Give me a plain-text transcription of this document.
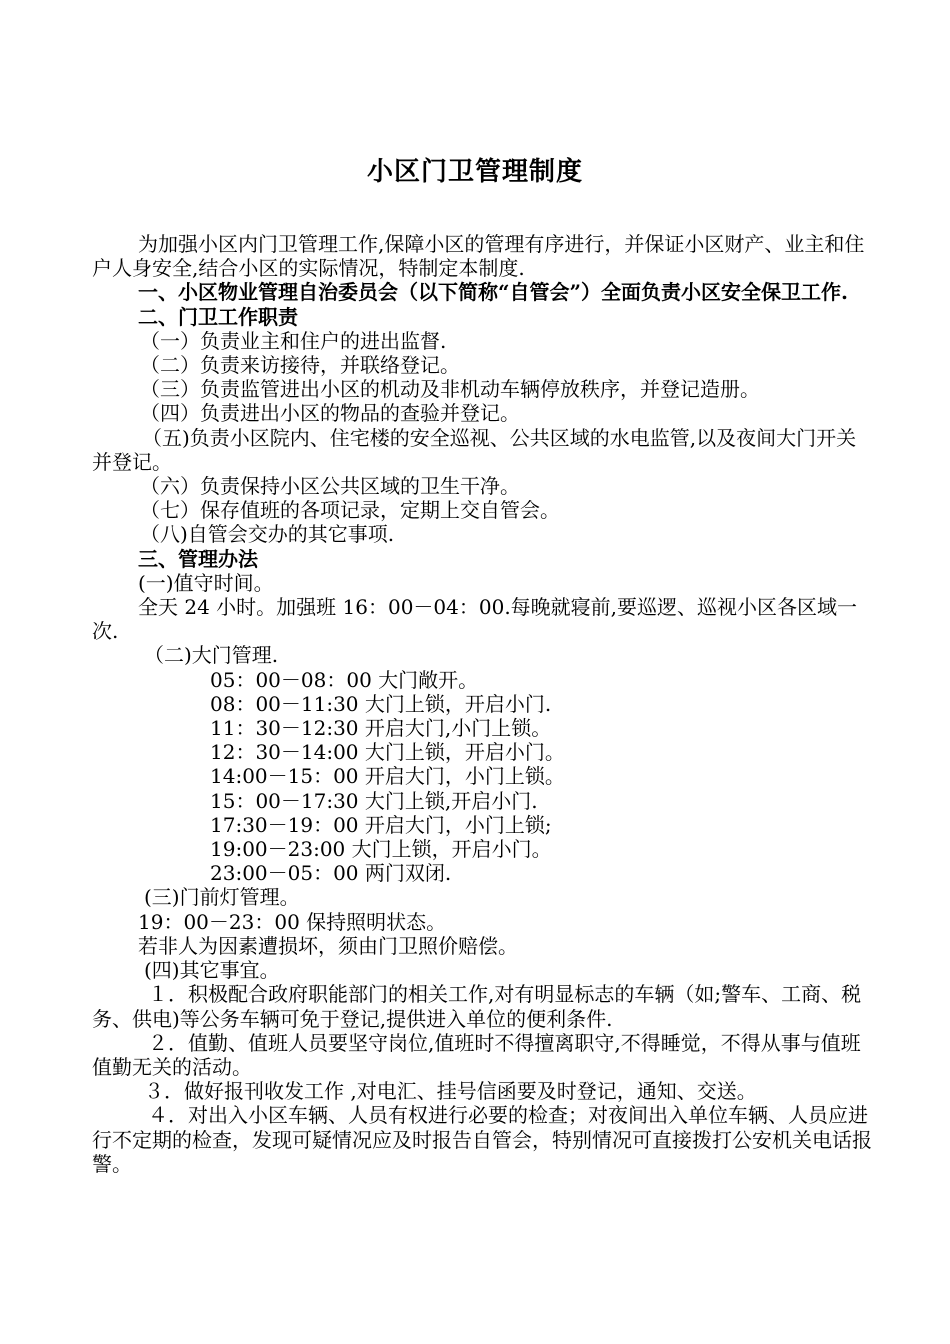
小区门卫管理制度

为加强小区内门卫管理工作,保障小区的管理有序进行，并保证小区财产、业主和住户人身安全,结合小区的实际情况，特制定本制度.

一、小区物业管理自治委员会（以下简称“自管会”）全面负责小区安全保卫工作.

二、门卫工作职责

（一）负责业主和住户的进出监督.

（二）负责来访接待，并联络登记。

（三）负责监管进出小区的机动及非机动车辆停放秩序，并登记造册。

（四）负责进出小区的物品的查验并登记。

（五)负责小区院内、住宅楼的安全巡视、公共区域的水电监管,以及夜间大门开关并登记。

（六）负责保持小区公共区域的卫生干净。

（七）保存值班的各项记录，定期上交自管会。

（八)自管会交办的其它事项.

三、管理办法

(一)值守时间。

全天 24 小时。加强班 16：00－04：00.每晚就寝前,要巡逻、巡视小区各区域一次.

（二)大门管理.

05：00－08：00 大门敞开。

08：00－11:30 大门上锁，开启小门.

11：30－12:30 开启大门,小门上锁。

12：30－14:00 大门上锁，开启小门。

14:00－15：00 开启大门，小门上锁。

15：00－17:30 大门上锁,开启小门.

17:30－19：00 开启大门，小门上锁;

19:00－23:00 大门上锁，开启小门。

23:00－05：00 两门双闭.

(三)门前灯管理。

19：00－23：00 保持照明状态。

若非人为因素遭损坏，须由门卫照价赔偿。

(四)其它事宜。

１．积极配合政府职能部门的相关工作,对有明显标志的车辆（如;警车、工商、税务、供电)等公务车辆可免于登记,提供进入单位的便利条件.

２．值勤、值班人员要坚守岗位,值班时不得擅离职守,不得睡觉，不得从事与值班值勤无关的活动。

３．做好报刊收发工作 ,对电汇、挂号信函要及时登记，通知、交送。

４．对出入小区车辆、人员有权进行必要的检查；对夜间出入单位车辆、人员应进行不定期的检查，发现可疑情况应及时报告自管会，特别情况可直接拨打公安机关电话报警。
